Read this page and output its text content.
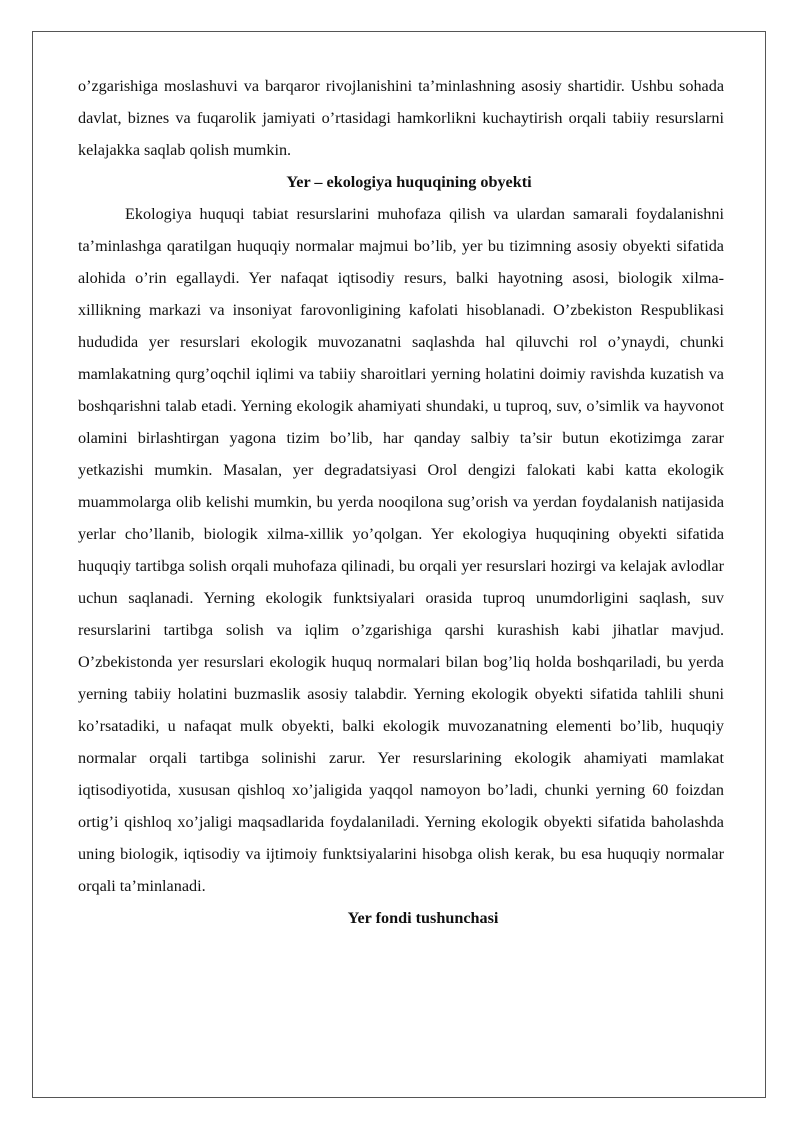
o’zgarishiga moslashuvi va barqaror rivojlanishini ta’minlashning asosiy shartidir. Ushbu sohada davlat, biznes va fuqarolik jamiyati o’rtasidagi hamkorlikni kuchaytirish orqali tabiiy resurslarni kelajakka saqlab qolish mumkin.

Yer – ekologiya huquqining obyekti

Ekologiya huquqi tabiat resurslarini muhofaza qilish va ulardan samarali foydalanishni ta’minlashga qaratilgan huquqiy normalar majmui bo’lib, yer bu tizimning asosiy obyekti sifatida alohida o’rin egallaydi. Yer nafaqat iqtisodiy resurs, balki hayotning asosi, biologik xilma-xillikning markazi va insoniyat farovonligining kafolati hisoblanadi. O’zbekiston Respublikasi hududida yer resurslari ekologik muvozanatni saqlashda hal qiluvchi rol o’ynaydi, chunki mamlakatning qurg’oqchil iqlimi va tabiiy sharoitlari yerning holatini doimiy ravishda kuzatish va boshqarishni talab etadi. Yerning ekologik ahamiyati shundaki, u tuproq, suv, o’simlik va hayvonot olamini birlashtirgan yagona tizim bo’lib, har qanday salbiy ta’sir butun ekotizimga zarar yetkazishi mumkin. Masalan, yer degradatsiyasi Orol dengizi falokati kabi katta ekologik muammolarga olib kelishi mumkin, bu yerda nooqilona sug’orish va yerdan foydalanish natijasida yerlar cho’llanib, biologik xilma-xillik yo’qolgan. Yer ekologiya huquqining obyekti sifatida huquqiy tartibga solish orqali muhofaza qilinadi, bu orqali yer resurslari hozirgi va kelajak avlodlar uchun saqlanadi. Yerning ekologik funktsiyalari orasida tuproq unumdorligini saqlash, suv resurslarini tartibga solish va iqlim o’zgarishiga qarshi kurashish kabi jihatlar mavjud. O’zbekistonda yer resurslari ekologik huquq normalari bilan bog’liq holda boshqariladi, bu yerda yerning tabiiy holatini buzmaslik asosiy talabdir. Yerning ekologik obyekti sifatida tahlili shuni ko’rsatadiki, u nafaqat mulk obyekti, balki ekologik muvozanatning elementi bo’lib, huquqiy normalar orqali tartibga solinishi zarur. Yer resurslarining ekologik ahamiyati mamlakat iqtisodiyotida, xususan qishloq xo’jaligida yaqqol namoyon bo’ladi, chunki yerning 60 foizdan ortig’i qishloq xo’jaligi maqsadlarida foydalaniladi. Yerning ekologik obyekti sifatida baholashda uning biologik, iqtisodiy va ijtimoiy funktsiyalarini hisobga olish kerak, bu esa huquqiy normalar orqali ta’minlanadi.

Yer fondi tushunchasi
